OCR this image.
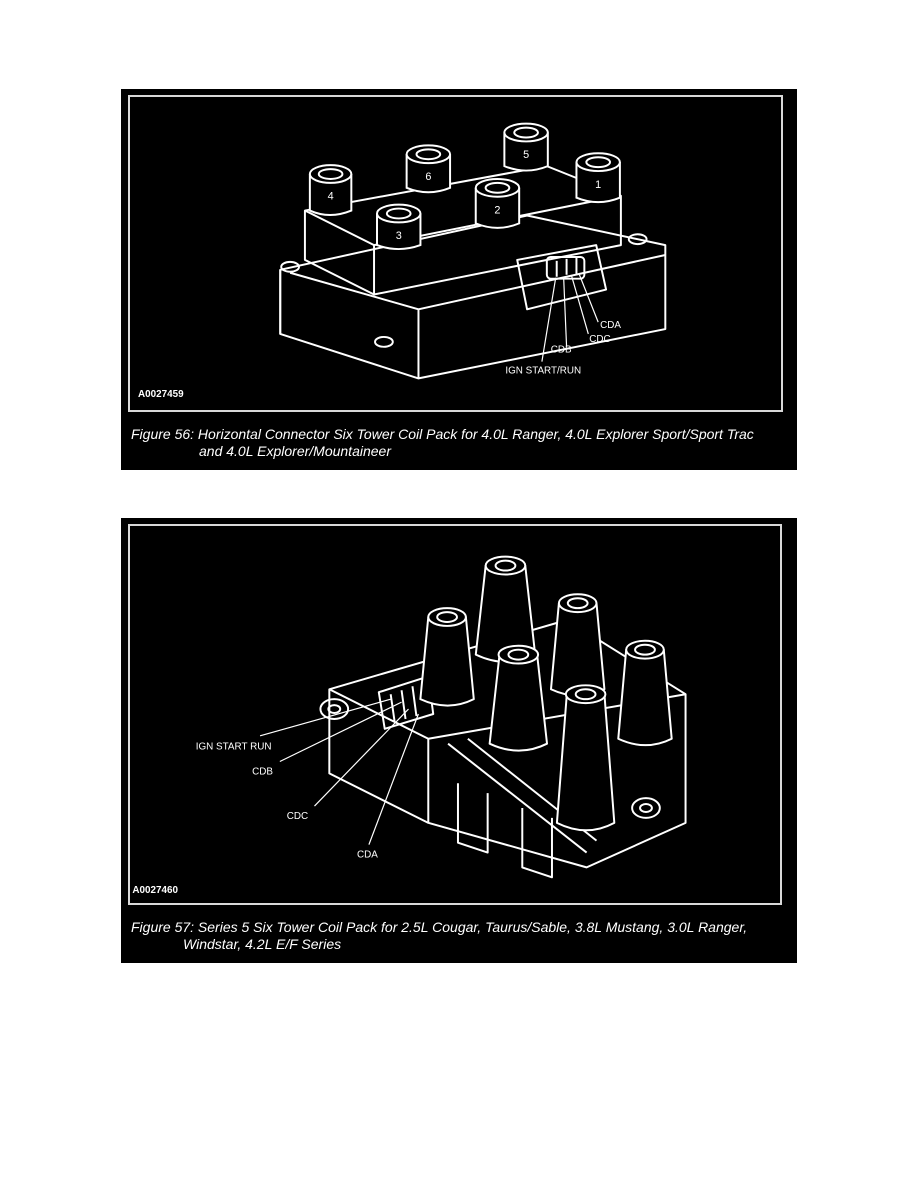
4
6
5
1
3
2
CDA
CDC
CDB
IGN START/RUN
A0027459
Figure 56: Horizontal Connector Six Tower Coil Pack for 4.0L Ranger, 4.0L Explorer Sport/Sport Trac
and 4.0L Explorer/Mountaineer
IGN START RUN
CDB
CDC
CDA
A0027460
Figure 57: Series 5 Six Tower Coil Pack for 2.5L Cougar, Taurus/Sable, 3.8L Mustang, 3.0L Ranger,
Windstar, 4.2L E/F Series
